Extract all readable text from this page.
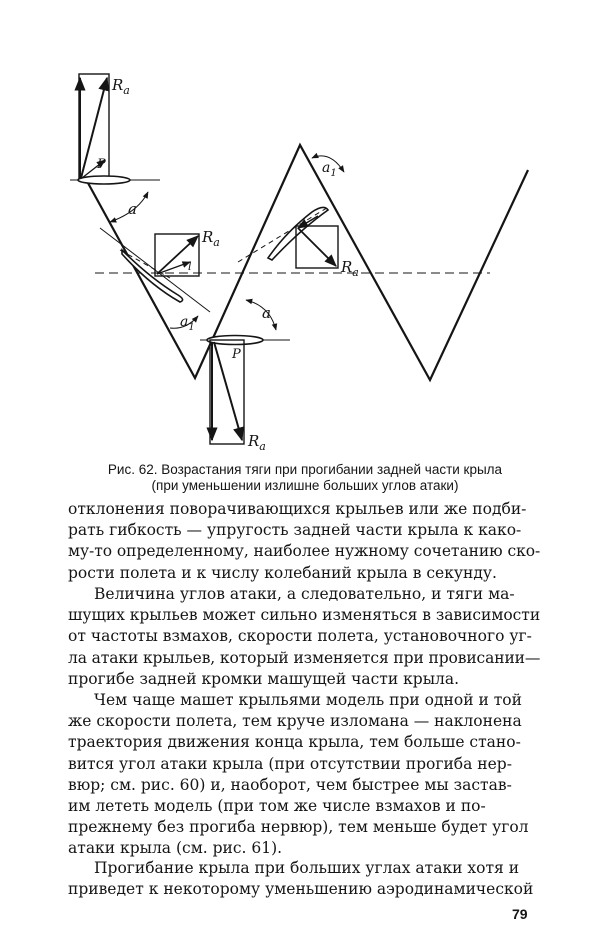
$R_a$
P
a
$a_1$
$R_a$
l
P
$R_a$
a
$a_1$
$R_a$
Рис. 62. Возрастания тяги при прогибании задней части крыла
(при уменьшении излишне больших углов атаки)
отклонения поворачивающихся крыльев или же подби-
рать гибкость — упругость задней части крыла к како-
му-то определенному, наиболее нужному сочетанию ско-
рости полета и к числу колебаний крыла в секунду.
Величина углов атаки, а следовательно, и тяги ма-
шущих крыльев может сильно изменяться в зависимости
от частоты взмахов, скорости полета, установочного уг-
ла атаки крыльев, который изменяется при провисании—
прогибе задней кромки машущей части крыла.
Чем чаще машет крыльями модель при одной и той
же скорости полета, тем круче изломана — наклонена
траектория движения конца крыла, тем больше стано-
вится угол атаки крыла (при отсутствии прогиба нер-
вюр; см. рис. 60) и, наоборот, чем быстрее мы застав-
им лететь модель (при том же числе взмахов и по-
прежнему без прогиба нервюр), тем меньше будет угол
атаки крыла (см. рис. 61).
Прогибание крыла при больших углах атаки хотя и
приведет к некоторому уменьшению аэродинамической
79
